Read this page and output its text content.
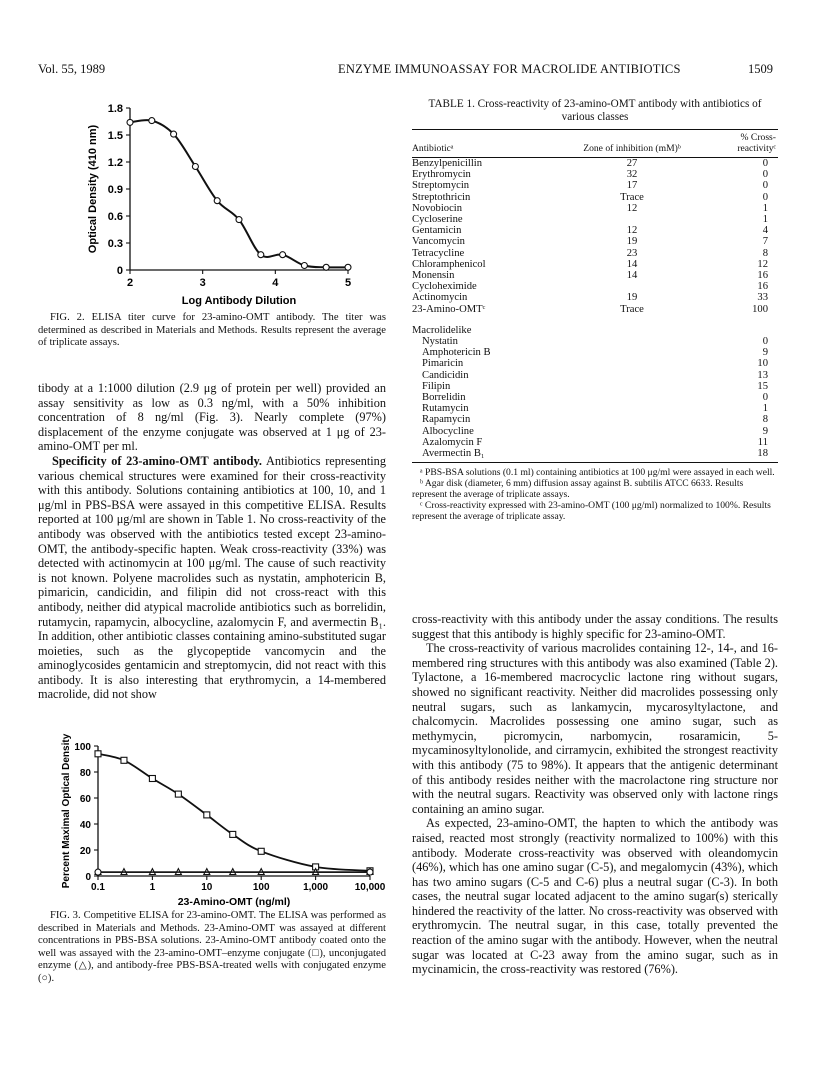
Vol. 55, 1989	ENZYME IMMUNOASSAY FOR MACROLIDE ANTIBIOTICS	1509
0
0.3
0.6
0.9
1.2
1.5
1.8
2	3	4	5
Log Antibody Dilution
Optical Density (410 nm)

FIG. 2. ELISA titer curve for 23-amino-OMT antibody. The titer was determined as described in Materials and Methods. Results represent the average of triplicate assays.

tibody at a 1:1000 dilution (2.9 μg of protein per well) provided an assay sensitivity as low as 0.3 ng/ml, with a 50% inhibition concentration of 8 ng/ml (Fig. 3). Nearly complete (97%) displacement of the enzyme conjugate was observed at 1 μg of 23-amino-OMT per ml.

Specificity of 23-amino-OMT antibody. Antibiotics representing various chemical structures were examined for their cross-reactivity with this antibody. Solutions containing antibiotics at 100, 10, and 1 μg/ml in PBS-BSA were assayed in this competitive ELISA. Results reported at 100 μg/ml are shown in Table 1. No cross-reactivity of the antibody was observed with the antibiotics tested except 23-amino-OMT, the antibody-specific hapten. Weak cross-reactivity (33%) was detected with actinomycin at 100 μg/ml. The cause of such reactivity is not known. Polyene macrolides such as nystatin, amphotericin B, pimaricin, candicidin, and filipin did not cross-react with this antibody, neither did atypical macrolide antibiotics such as borrelidin, rutamycin, rapamycin, albocycline, azalomycin F, and avermectin B₁. In addition, other antibiotic classes containing amino-substituted sugar moieties, such as the glycopeptide vancomycin and the aminoglycosides gentamicin and streptomycin, did not react with this antibody. It is also interesting that erythromycin, a 14-membered macrolide, did not show

0
20
40
60
80
100
0.1	1	10	100	1,000	10,000
23-Amino-OMT (ng/ml)
Percent Maximal Optical Density

FIG. 3. Competitive ELISA for 23-amino-OMT. The ELISA was performed as described in Materials and Methods. 23-Amino-OMT was assayed at different concentrations in PBS-BSA solutions. 23-Amino-OMT antibody coated onto the well was assayed with the 23-amino-OMT–enzyme conjugate (□), unconjugated enzyme (△), and antibody-free PBS-BSA-treated wells with conjugated enzyme (○).

TABLE 1. Cross-reactivity of 23-amino-OMT antibody with antibiotics of various classes
Antibioticᵃ	Zone of inhibition (mM)ᵇ	% Cross-reactivityᶜ
Benzylpenicillin	27	0
Erythromycin	32	0
Streptomycin	17	0
Streptothricin	Trace	0
Novobiocin	12	1
Cycloserine		1
Gentamicin	12	4
Vancomycin	19	7
Tetracycline	23	8
Chloramphenicol	14	12
Monensin	14	16
Cycloheximide		16
Actinomycin	19	33
23-Amino-OMTᶜ	Trace	100
Macrolidelike		
Nystatin		0
Amphotericin B		9
Pimaricin		10
Candicidin		13
Filipin		15
Borrelidin		0
Rutamycin		1
Rapamycin		8
Albocycline		9
Azalomycin F		11
Avermectin B₁		18

ᵃ PBS-BSA solutions (0.1 ml) containing antibiotics at 100 μg/ml were assayed in each well.

ᵇ Agar disk (diameter, 6 mm) diffusion assay against B. subtilis ATCC 6633. Results represent the average of triplicate assays.

ᶜ Cross-reactivity expressed with 23-amino-OMT (100 μg/ml) normalized to 100%. Results represent the average of triplicate assay.

cross-reactivity with this antibody under the assay conditions. The results suggest that this antibody is highly specific for 23-amino-OMT.

The cross-reactivity of various macrolides containing 12-, 14-, and 16-membered ring structures with this antibody was also examined (Table 2). Tylactone, a 16-membered macrocyclic lactone ring without sugars, showed no significant reactivity. Neither did macrolides possessing only neutral sugars, such as lankamycin, mycarosyltylactone, and chalcomycin. Macrolides possessing one amino sugar, such as methymycin, picromycin, narbomycin, rosaramicin, 5-mycaminosyltylonolide, and cirramycin, exhibited the strongest reactivity with this antibody (75 to 98%). It appears that the antigenic determinant of this antibody resides neither with the macrolactone ring structure nor with the neutral sugars. Reactivity was observed only with lactone rings containing an amino sugar.

As expected, 23-amino-OMT, the hapten to which the antibody was raised, reacted most strongly (reactivity normalized to 100%) with this antibody. Moderate cross-reactivity was observed with oleandomycin (46%), which has one amino sugar (C-5), and megalomycin (43%), which has two amino sugars (C-5 and C-6) plus a neutral sugar (C-3). In both cases, the neutral sugar located adjacent to the amino sugar(s) sterically hindered the reactivity of the latter. No cross-reactivity was observed with erythromycin. The neutral sugar, in this case, totally prevented the reaction of the amino sugar with the antibody. However, when the neutral sugar was located at C-23 away from the amino sugar, such as in mycinamicin, the cross-reactivity was restored (76%).
